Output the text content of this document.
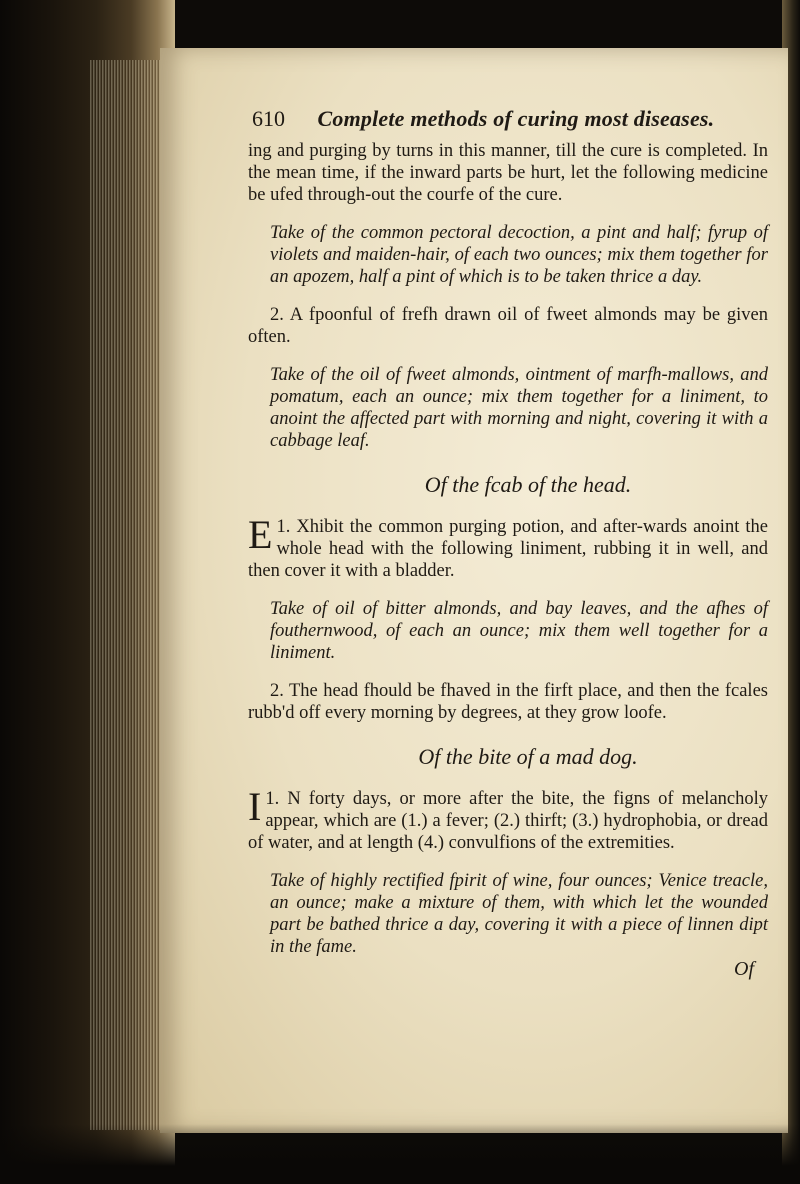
610 Complete methods of curing most diseases.

ing and purging by turns in this manner, till the cure is completed. In the mean time, if the inward parts be hurt, let the following medicine be ufed through-out the courfe of the cure.

Take of the common pectoral decoction, a pint and half; fyrup of violets and maiden-hair, of each two ounces; mix them together for an apozem, half a pint of which is to be taken thrice a day.

2. A fpoonful of frefh drawn oil of fweet almonds may be given often.

Take of the oil of fweet almonds, ointment of marfh-mallows, and pomatum, each an ounce; mix them together for a liniment, to anoint the affected part with morning and night, covering it with a cabbage leaf.

Of the fcab of the head.

1.
E Xhibit the common purging potion, and after-wards anoint the whole head with the following liniment, rubbing it in well, and then cover it with a bladder.

Take of oil of bitter almonds, and bay leaves, and the afhes of fouthernwood, of each an ounce; mix them well together for a liniment.

2. The head fhould be fhaved in the firft place, and then the fcales rubb'd off every morning by degrees, at they grow loofe.

Of the bite of a mad dog.

1.
I N forty days, or more after the bite, the figns of melancholy appear, which are (1.) a fever; (2.) thirft; (3.) hydrophobia, or dread of water, and at length (4.) convulfions of the extremities.

Take of highly rectified fpirit of wine, four ounces; Venice treacle, an ounce; make a mixture of them, with which let the wounded part be bathed thrice a day, covering it with a piece of linnen dipt in the fame.

Of
